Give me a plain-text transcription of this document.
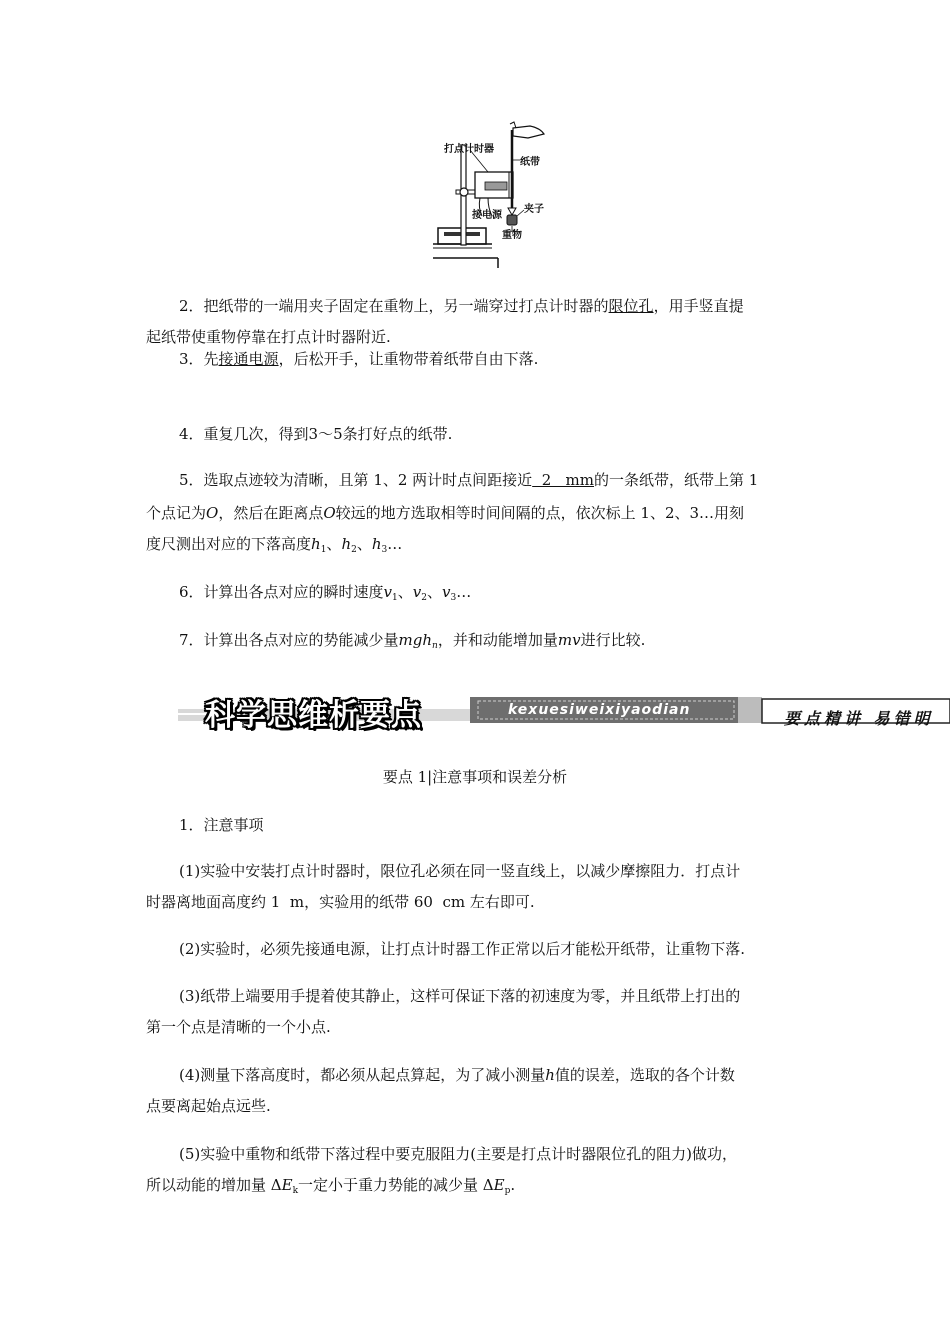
打点计时器
纸带
接电源
夹子
重物
2．把纸带的一端用夹子固定在重物上，另一端穿过打点计时器的限位孔，用手竖直提
起纸带使重物停靠在打点计时器附近.
3．先接通电源，后松开手，让重物带着纸带自由下落.
4．重复几次，得到3～5条打好点的纸带.
5．选取点迹较为清晰，且第 1、2 两计时点间距接近  2   mm的一条纸带，纸带上第 1
个点记为O，然后在距离点O较远的地方选取相等时间间隔的点，依次标上 1、2、3…用刻
度尺测出对应的下落高度$h_1$、$h_2$、$h_3\dots$
6．计算出各点对应的瞬时速度$v_1$、$v_2$、$v_3\dots$
7．计算出各点对应的势能减少量mgh$_n$，并和动能增加量mv进行比较.
科学思维析要点	kexuesiweixiyaodian	要点精讲 易错明
要点 1|注意事项和误差分析
1．注意事项
(1)实验中安装打点计时器时，限位孔必须在同一竖直线上，以减少摩擦阻力．打点计
时器离地面高度约 1  m，实验用的纸带 60  cm 左右即可.
(2)实验时，必须先接通电源，让打点计时器工作正常以后才能松开纸带，让重物下落.
(3)纸带上端要用手提着使其静止，这样可保证下落的初速度为零，并且纸带上打出的
第一个点是清晰的一个小点.
(4)测量下落高度时，都必须从起点算起，为了减小测量h值的误差，选取的各个计数
点要离起始点远些.
(5)实验中重物和纸带下落过程中要克服阻力(主要是打点计时器限位孔的阻力)做功，
所以动能的增加量 $\Delta E_k$一定小于重力势能的减少量 $\Delta E_p$.
